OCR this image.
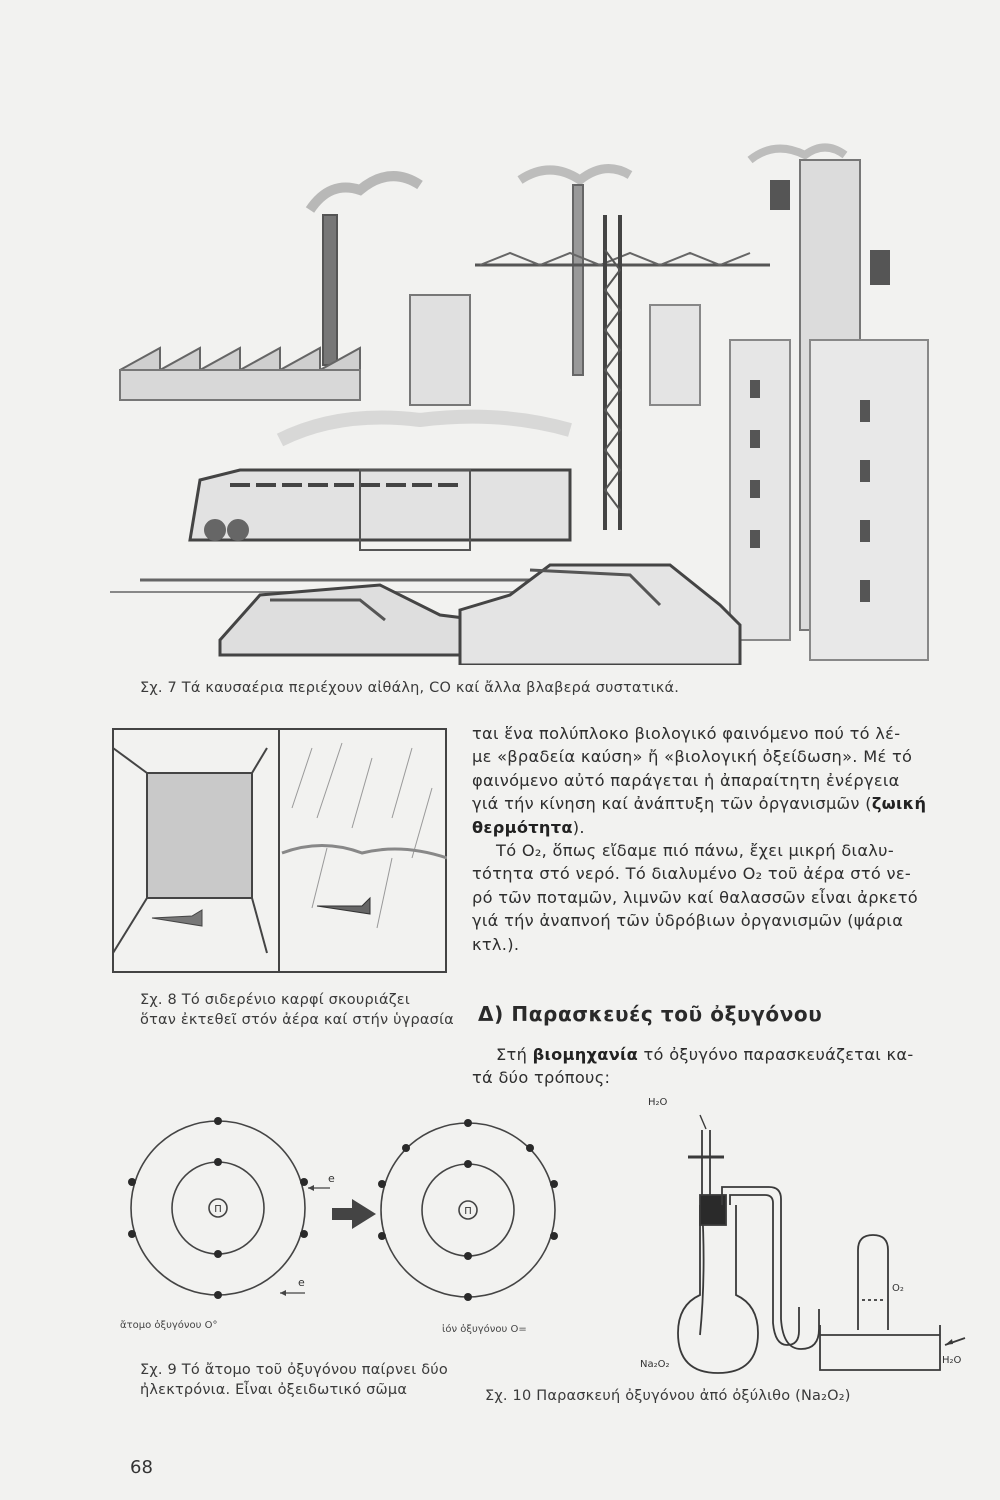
Σχ. 7 Τά καυσαέρια περιέχουν αἰθάλη, CO καί ἄλλα βλαβερά συστατικά.
Σχ. 8 Τό σιδερένιο καρφί σκουριάζει
ὅταν ἐκτεθεῖ στόν ἀέρα καί στήν ὑγρασία

ται ἕνα πολύπλοκο βιολογικό φαινόμενο πού τό λέ-

με «βραδεία καύση» ἤ «βιολογική ὀξείδωση». Μέ τό

φαινόμενο αὐτό παράγεται ἡ ἀπαραίτητη ἐνέργεια

γιά τήν κίνηση καί ἀνάπτυξη τῶν ὀργανισμῶν (ζωική

θερμότητα).

Τό O₂, ὅπως εἴδαμε πιό πάνω, ἔχει μικρή διαλυ-

τότητα στό νερό. Τό διαλυμένο O₂ τοῦ ἀέρα στό νε-

ρό τῶν ποταμῶν, λιμνῶν καί θαλασσῶν εἶναι ἀρκετό

γιά τήν ἀναπνοή τῶν ὑδρόβιων ὀργανισμῶν (ψάρια

κτλ.).

Δ) Παρασκευές τοῦ ὀξυγόνου

Στή βιομηχανία τό ὀξυγόνο παρασκευάζεται κα-

τά δύο τρόπους:

Π	Π
e
e
ἄτομο ὀξυγόνου O°	ἰόν ὀξυγόνου O=
Σχ. 9 Τό ἄτομο τοῦ ὀξυγόνου παίρνει δύο
ἠλεκτρόνια. Εἶναι ὀξειδωτικό σῶμα
H₂O
O₂
Na₂O₂	H₂O
Σχ. 10 Παρασκευή ὀξυγόνου ἀπό ὀξύλιθο (Na₂O₂)
68
